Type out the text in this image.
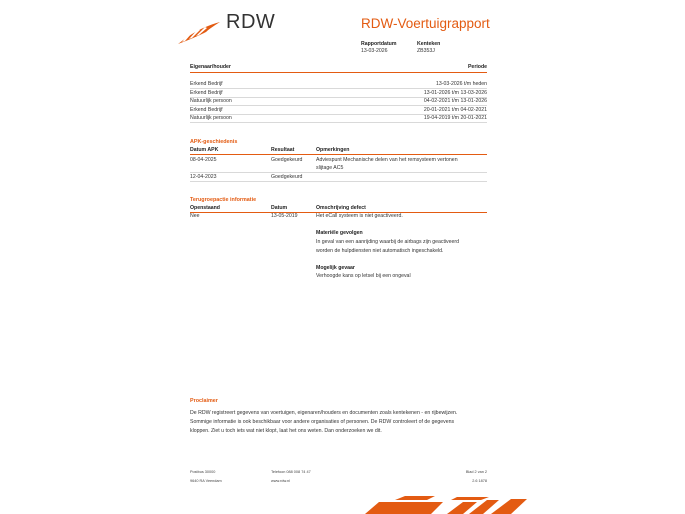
RDW	RDW-Voertuigrapport
Rapportdatum
13-03-2026
Kenteken
ZB353J
Eigenaar/houder	Periode
Erkend Bedrijf	13-03-2026 t/m heden
Erkend Bedrijf	13-01-2026 t/m 13-03-2026
Natuurlijk persoon	04-02-2021 t/m 13-01-2026
Erkend Bedrijf	20-01-2021 t/m 04-02-2021
Natuurlijk persoon	19-04-2019 t/m 20-01-2021
APK-geschiedenis
Datum APK	Resultaat	Opmerkingen
08-04-2025	Goedgekeurd	Adviespunt Mechanische delen van het remsysteem vertonen
slijtage AC5
12-04-2023	Goedgekeurd
Terugroepactie informatie
Openstaand	Datum	Omschrijving defect
Nee	13-05-2019	Het eCall systeem is niet geactiveerd.
Materiële gevolgen
In geval van een aanrijding waarbij de airbags zijn geactiveerd
worden de hulpdiensten niet automatisch ingeschakeld.
Mogelijk gevaar
Verhoogde kans op letsel bij een ongeval
Proclaimer
De RDW registreert gegevens van voertuigen, eigenaren/houders en documenten zoals kentekenen - en rijbewijzen.
Sommige informatie is ook beschikbaar voor andere organisaties of personen. De RDW controleert of de gegevens
kloppen. Ziet u toch iets wat niet klopt, laat het ons weten. Dan onderzoeken we dit.
Postbus 30000
9640 RA Veendam
Telefoon 088 008 74 47
www.rdw.nl
Blad 2 van 2
2.6 1878
